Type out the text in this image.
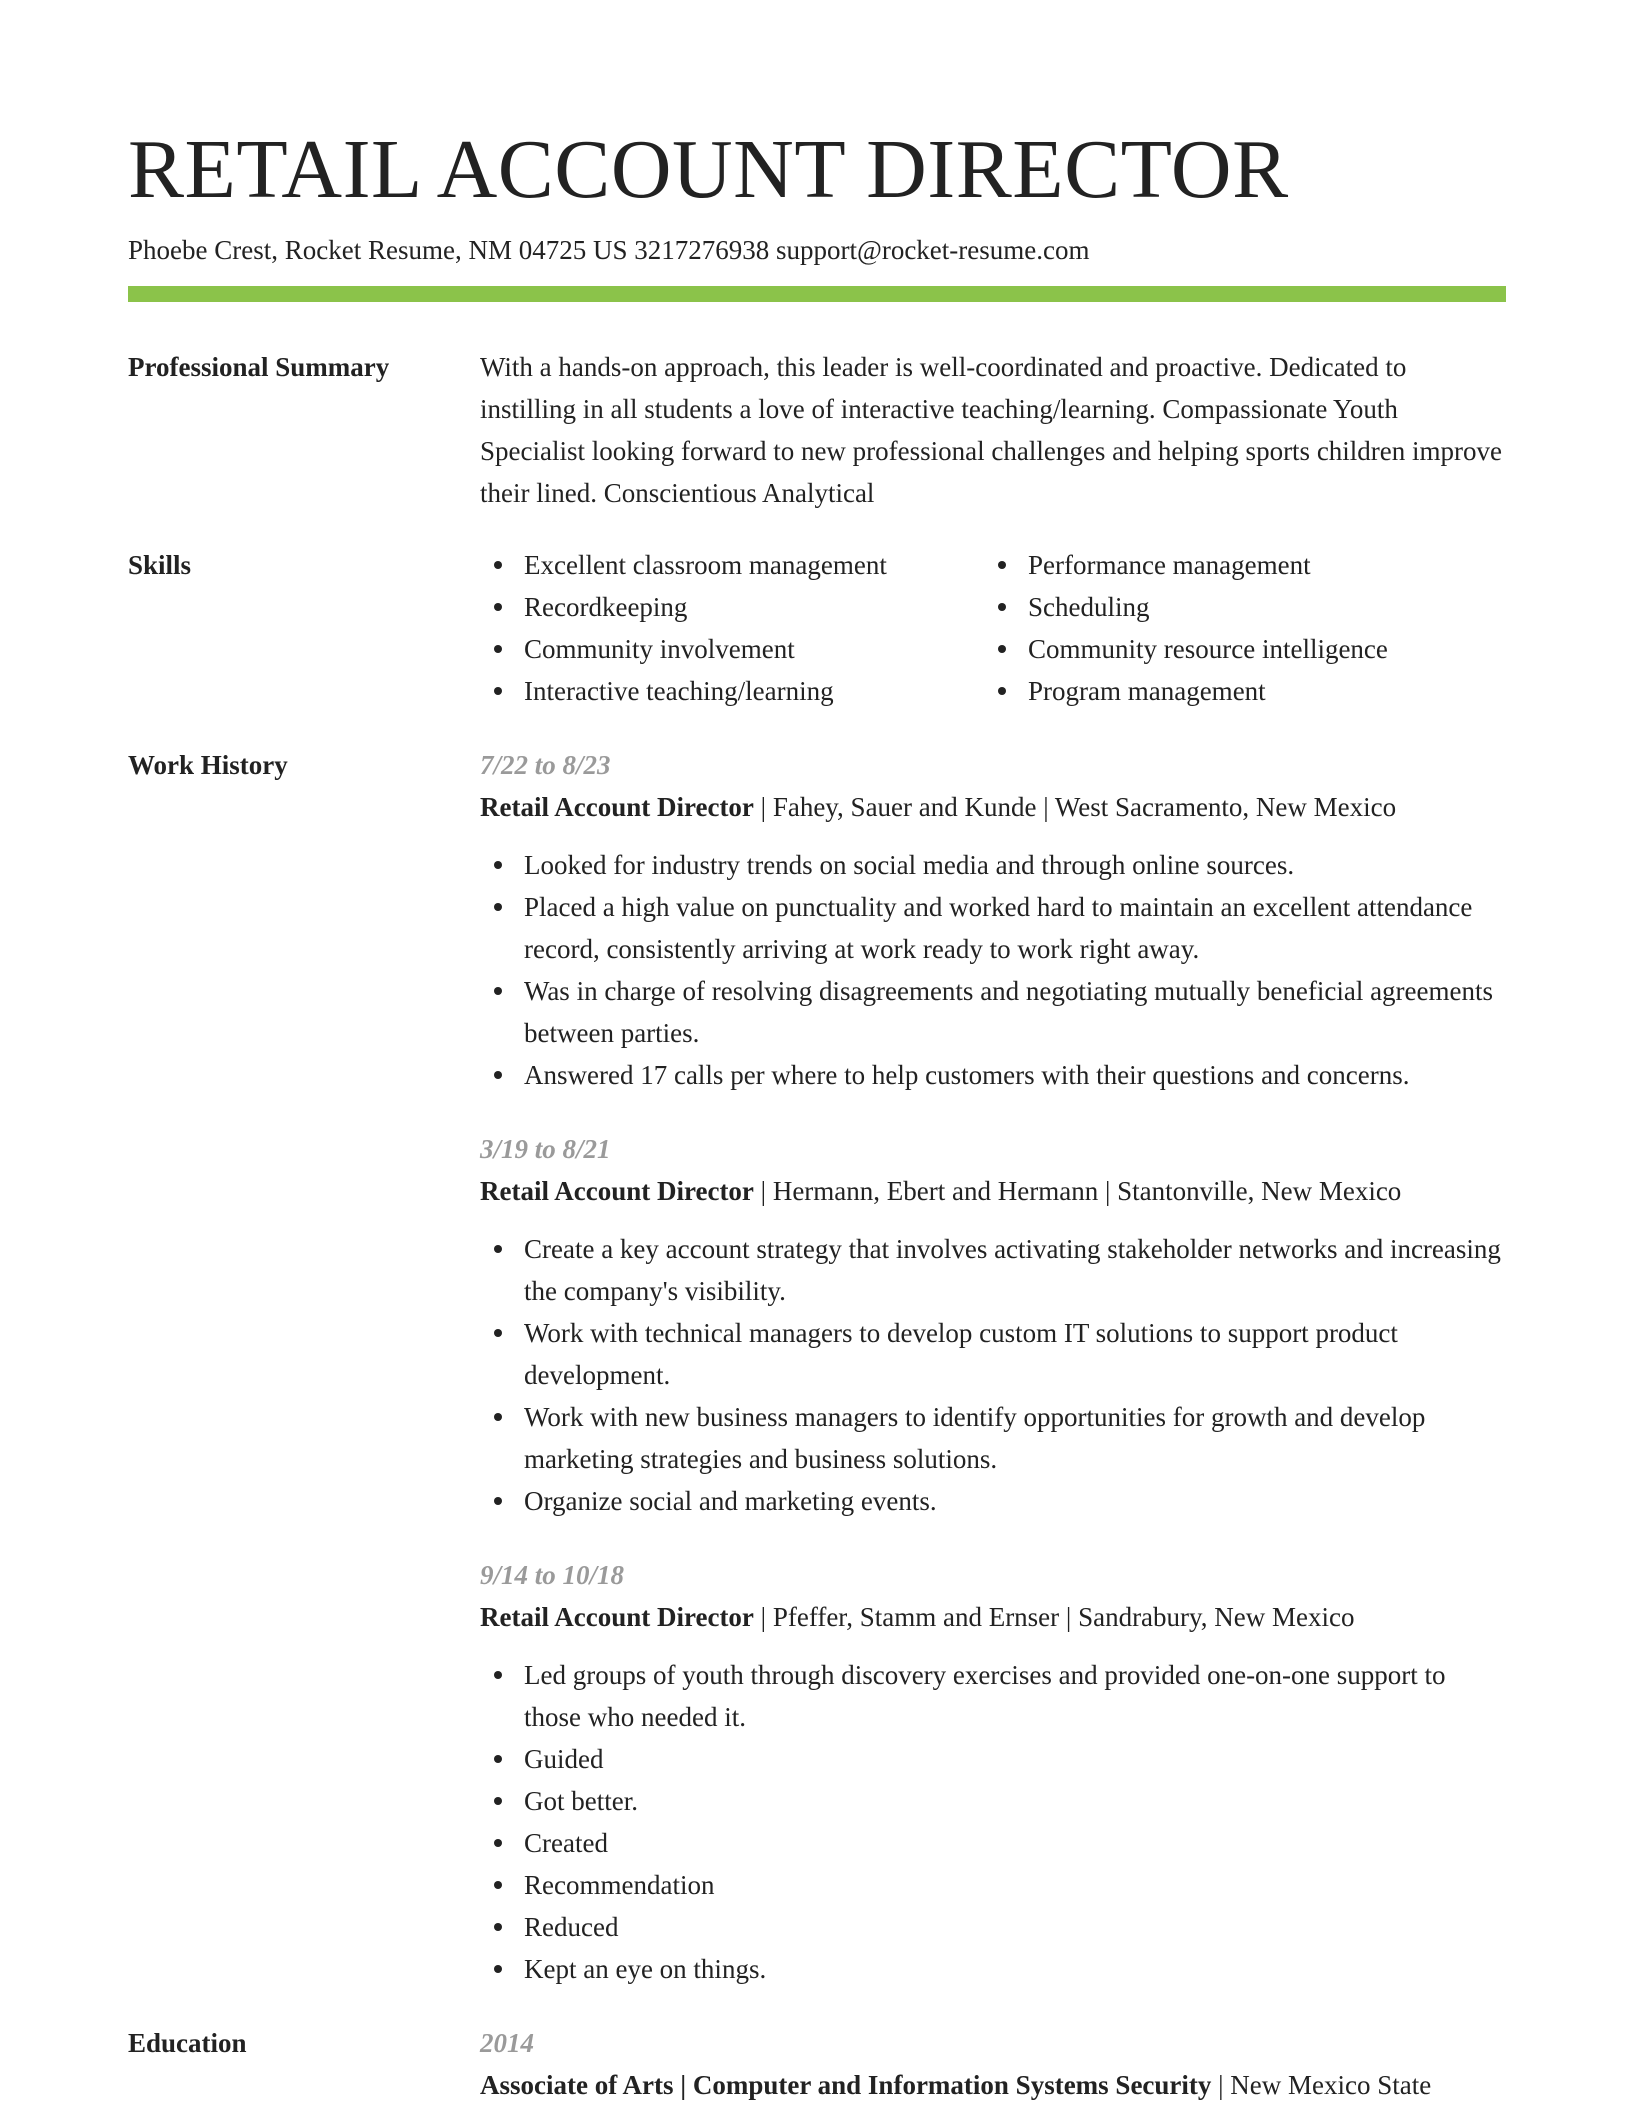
RETAIL ACCOUNT DIRECTOR
Phoebe Crest, Rocket Resume, NM 04725 US 3217276938 support@rocket-resume.com
Professional Summary	With a hands-on approach, this leader is well-coordinated and proactive. Dedicated to instilling in all students a love of interactive teaching/learning. Compassionate Youth Specialist looking forward to new professional challenges and helping sports children improve their lined. Conscientious Analytical
Skills	Excellent classroom management
Recordkeeping
Community involvement
Interactive teaching/learning
Performance management
Scheduling
Community resource intelligence
Program management
Work History	7/22 to 8/23
Retail Account Director | Fahey, Sauer and Kunde | West Sacramento, New Mexico
Looked for industry trends on social media and through online sources.
Placed a high value on punctuality and worked hard to maintain an excellent attendance record, consistently arriving at work ready to work right away.
Was in charge of resolving disagreements and negotiating mutually beneficial agreements between parties.
Answered 17 calls per where to help customers with their questions and concerns.
3/19 to 8/21
Retail Account Director | Hermann, Ebert and Hermann | Stantonville, New Mexico
Create a key account strategy that involves activating stakeholder networks and increasing the company's visibility.
Work with technical managers to develop custom IT solutions to support product development.
Work with new business managers to identify opportunities for growth and develop marketing strategies and business solutions.
Organize social and marketing events.
9/14 to 10/18
Retail Account Director | Pfeffer, Stamm and Ernser | Sandrabury, New Mexico
Led groups of youth through discovery exercises and provided one-on-one support to those who needed it.
Guided
Got better.
Created
Recommendation
Reduced
Kept an eye on things.
Education	2014
Associate of Arts | Computer and Information Systems Security | New Mexico State
